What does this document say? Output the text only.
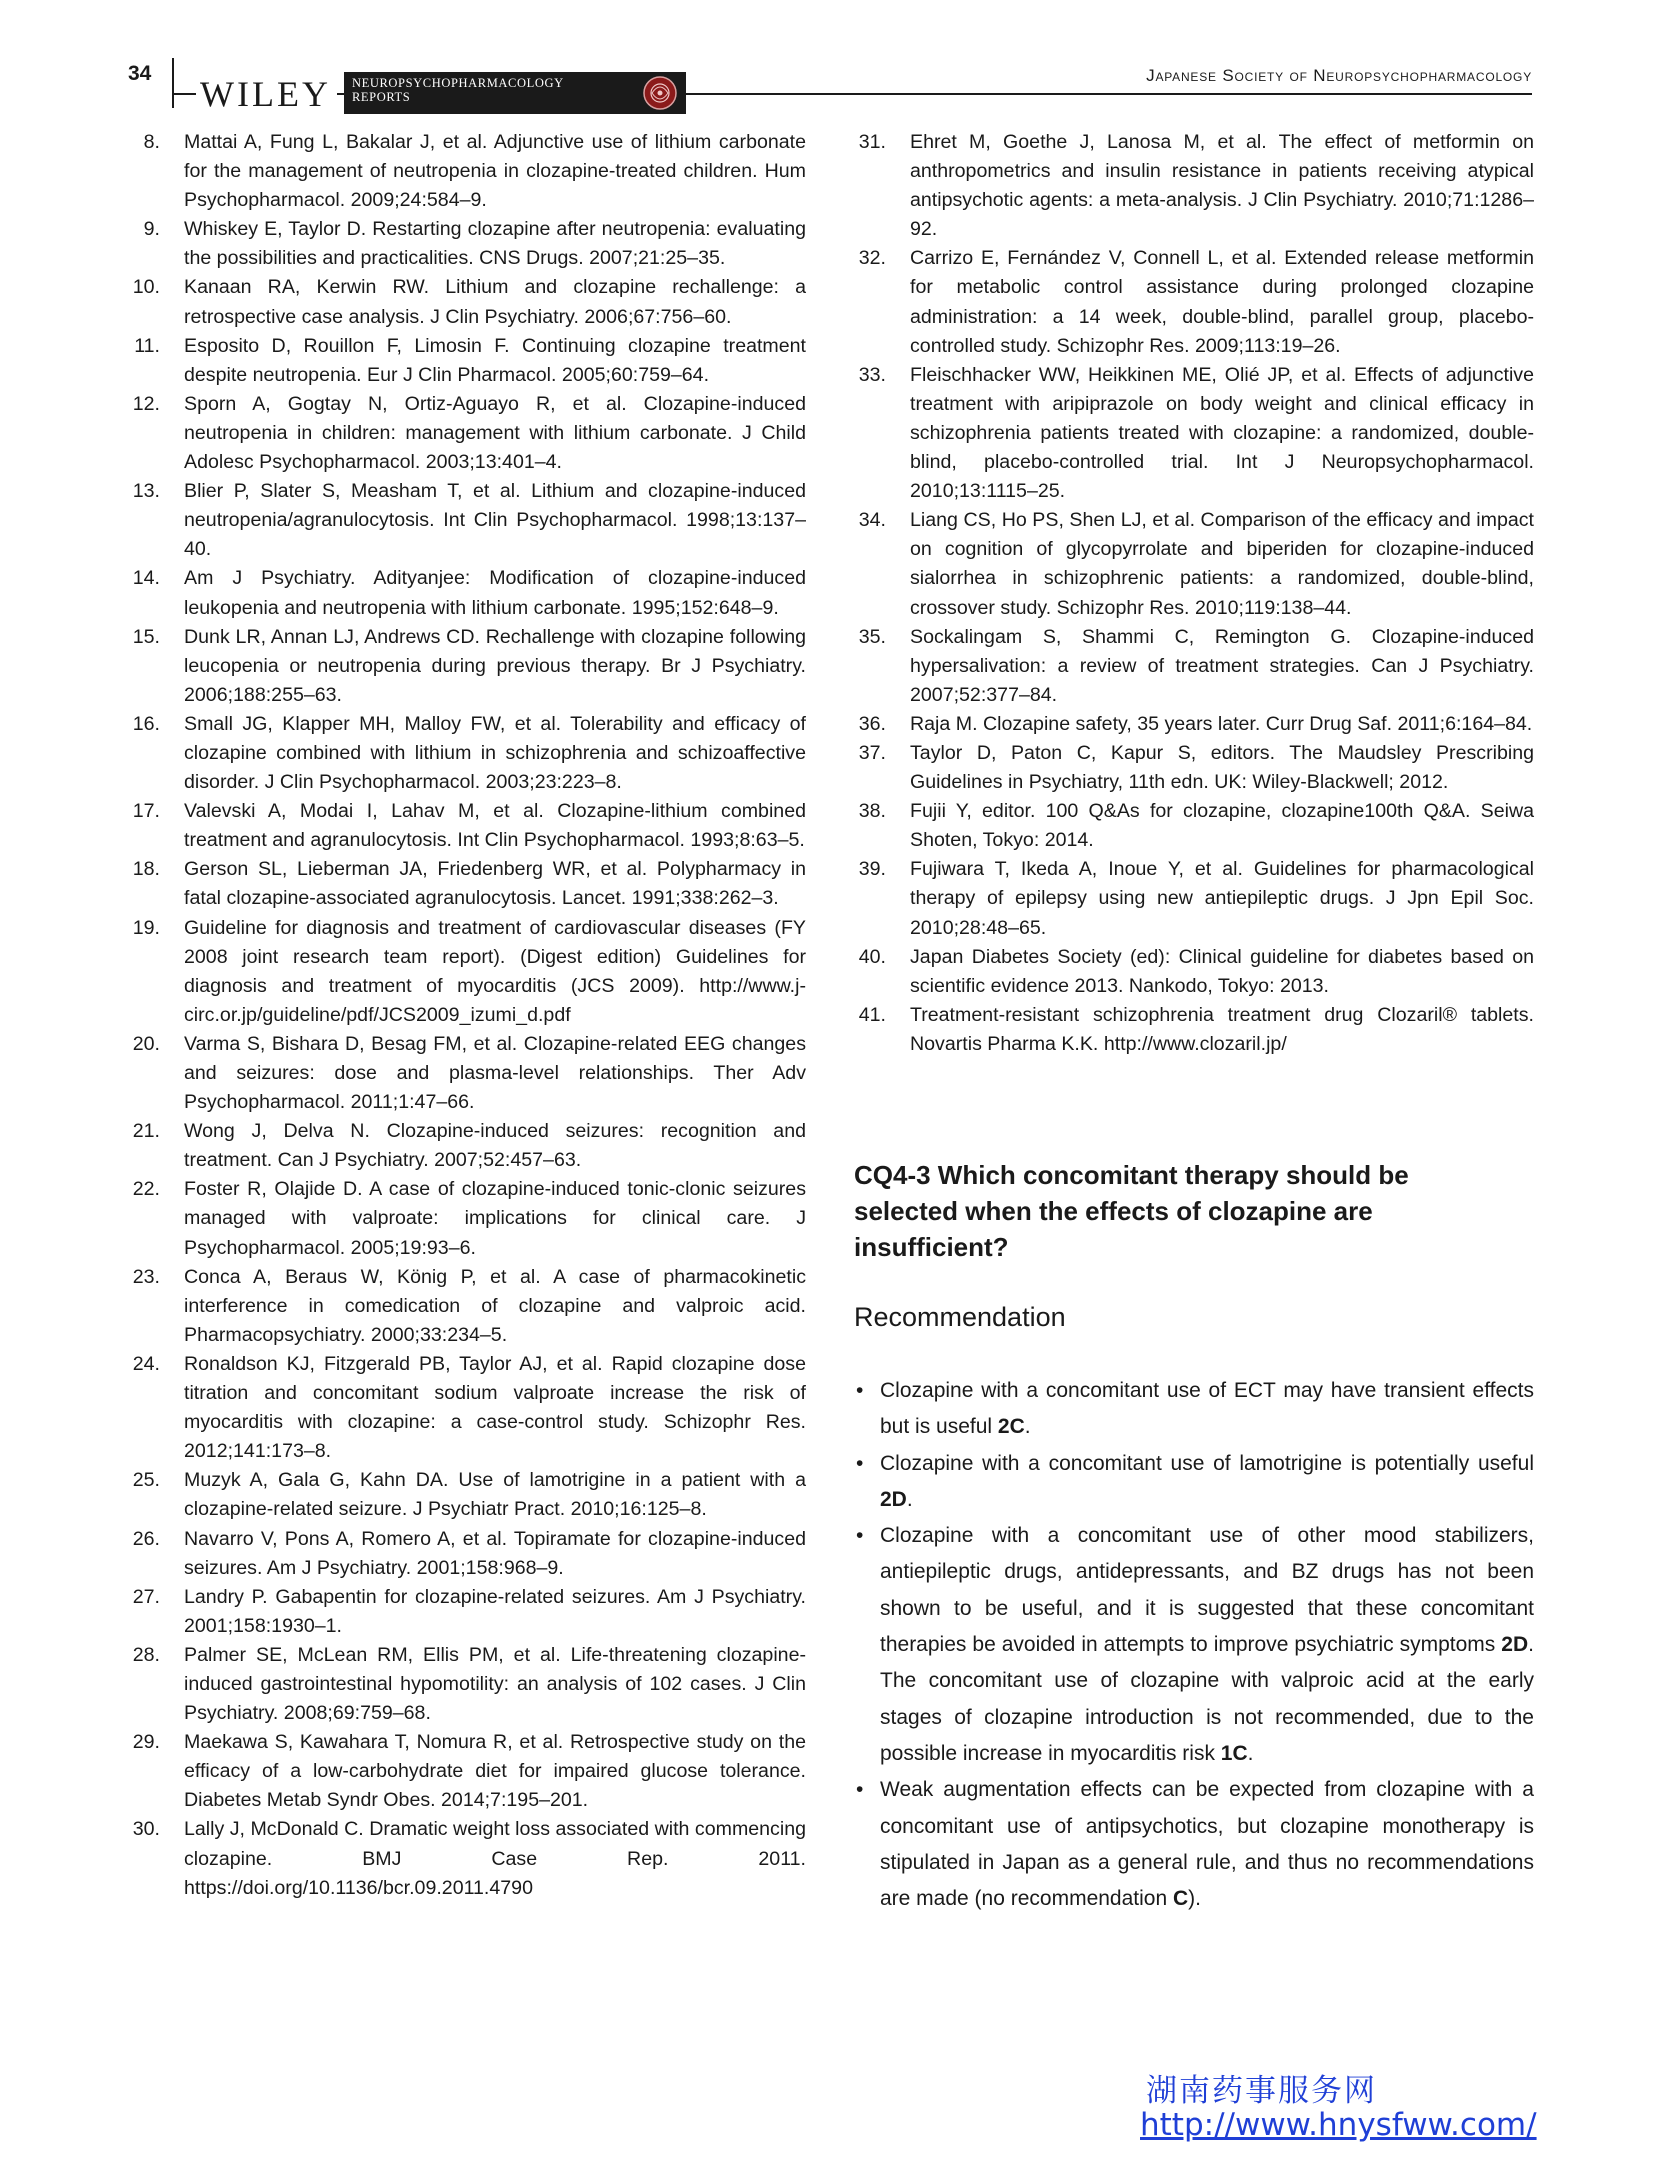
34
WILEY	NEUROPSYCHOPHARMACOLOGY
REPORTS
Japanese Society of Neuropsychopharmacology
8. Mattai A, Fung L, Bakalar J, et al. Adjunctive use of lithium carbonate for the management of neutropenia in clozapine-treated children. Hum Psychopharmacol. 2009;24:584–9.
9. Whiskey E, Taylor D. Restarting clozapine after neutropenia: evaluating the possibilities and practicalities. CNS Drugs. 2007;21:25–35.
10. Kanaan RA, Kerwin RW. Lithium and clozapine rechallenge: a retrospective case analysis. J Clin Psychiatry. 2006;67:756–60.
11. Esposito D, Rouillon F, Limosin F. Continuing clozapine treatment despite neutropenia. Eur J Clin Pharmacol. 2005;60:759–64.
12. Sporn A, Gogtay N, Ortiz-Aguayo R, et al. Clozapine-induced neutropenia in children: management with lithium carbonate. J Child Adolesc Psychopharmacol. 2003;13:401–4.
13. Blier P, Slater S, Measham T, et al. Lithium and clozapine-induced neutropenia/agranulocytosis. Int Clin Psychopharmacol. 1998;13:137–40.
14. Am J Psychiatry. Adityanjee: Modification of clozapine-induced leukopenia and neutropenia with lithium carbonate. 1995;152:648–9.
15. Dunk LR, Annan LJ, Andrews CD. Rechallenge with clozapine following leucopenia or neutropenia during previous therapy. Br J Psychiatry. 2006;188:255–63.
16. Small JG, Klapper MH, Malloy FW, et al. Tolerability and efficacy of clozapine combined with lithium in schizophrenia and schizoaffective disorder. J Clin Psychopharmacol. 2003;23:223–8.
17. Valevski A, Modai I, Lahav M, et al. Clozapine-lithium combined treatment and agranulocytosis. Int Clin Psychopharmacol. 1993;8:63–5.
18. Gerson SL, Lieberman JA, Friedenberg WR, et al. Polypharmacy in fatal clozapine-associated agranulocytosis. Lancet. 1991;338:262–3.
19. Guideline for diagnosis and treatment of cardiovascular diseases (FY 2008 joint research team report). (Digest edition) Guidelines for diagnosis and treatment of myocarditis (JCS 2009). http://www.j-circ.or.jp/guideline/pdf/JCS2009_izumi_d.pdf
20. Varma S, Bishara D, Besag FM, et al. Clozapine-related EEG changes and seizures: dose and plasma-level relationships. Ther Adv Psychopharmacol. 2011;1:47–66.
21. Wong J, Delva N. Clozapine-induced seizures: recognition and treatment. Can J Psychiatry. 2007;52:457–63.
22. Foster R, Olajide D. A case of clozapine-induced tonic-clonic seizures managed with valproate: implications for clinical care. J Psychopharmacol. 2005;19:93–6.
23. Conca A, Beraus W, König P, et al. A case of pharmacokinetic interference in comedication of clozapine and valproic acid. Pharmacopsychiatry. 2000;33:234–5.
24. Ronaldson KJ, Fitzgerald PB, Taylor AJ, et al. Rapid clozapine dose titration and concomitant sodium valproate increase the risk of myocarditis with clozapine: a case-control study. Schizophr Res. 2012;141:173–8.
25. Muzyk A, Gala G, Kahn DA. Use of lamotrigine in a patient with a clozapine-related seizure. J Psychiatr Pract. 2010;16:125–8.
26. Navarro V, Pons A, Romero A, et al. Topiramate for clozapine-induced seizures. Am J Psychiatry. 2001;158:968–9.
27. Landry P. Gabapentin for clozapine-related seizures. Am J Psychiatry. 2001;158:1930–1.
28. Palmer SE, McLean RM, Ellis PM, et al. Life-threatening clozapine-induced gastrointestinal hypomotility: an analysis of 102 cases. J Clin Psychiatry. 2008;69:759–68.
29. Maekawa S, Kawahara T, Nomura R, et al. Retrospective study on the efficacy of a low-carbohydrate diet for impaired glucose tolerance. Diabetes Metab Syndr Obes. 2014;7:195–201.
30. Lally J, McDonald C. Dramatic weight loss associated with commencing clozapine. BMJ Case Rep. 2011. https://doi.org/10.1136/bcr.09.2011.4790
31. Ehret M, Goethe J, Lanosa M, et al. The effect of metformin on anthropometrics and insulin resistance in patients receiving atypical antipsychotic agents: a meta-analysis. J Clin Psychiatry. 2010;71:1286–92.
32. Carrizo E, Fernández V, Connell L, et al. Extended release metformin for metabolic control assistance during prolonged clozapine administration: a 14 week, double-blind, parallel group, placebo-controlled study. Schizophr Res. 2009;113:19–26.
33. Fleischhacker WW, Heikkinen ME, Olié JP, et al. Effects of adjunctive treatment with aripiprazole on body weight and clinical efficacy in schizophrenia patients treated with clozapine: a randomized, double-blind, placebo-controlled trial. Int J Neuropsychopharmacol. 2010;13:1115–25.
34. Liang CS, Ho PS, Shen LJ, et al. Comparison of the efficacy and impact on cognition of glycopyrrolate and biperiden for clozapine-induced sialorrhea in schizophrenic patients: a randomized, double-blind, crossover study. Schizophr Res. 2010;119:138–44.
35. Sockalingam S, Shammi C, Remington G. Clozapine-induced hypersalivation: a review of treatment strategies. Can J Psychiatry. 2007;52:377–84.
36. Raja M. Clozapine safety, 35 years later. Curr Drug Saf. 2011;6:164–84.
37. Taylor D, Paton C, Kapur S, editors. The Maudsley Prescribing Guidelines in Psychiatry, 11th edn. UK: Wiley-Blackwell; 2012.
38. Fujii Y, editor. 100 Q&As for clozapine, clozapine100th Q&A. Seiwa Shoten, Tokyo: 2014.
39. Fujiwara T, Ikeda A, Inoue Y, et al. Guidelines for pharmacological therapy of epilepsy using new antiepileptic drugs. J Jpn Epil Soc. 2010;28:48–65.
40. Japan Diabetes Society (ed): Clinical guideline for diabetes based on scientific evidence 2013. Nankodo, Tokyo: 2013.
41. Treatment-resistant schizophrenia treatment drug Clozaril® tablets. Novartis Pharma K.K. http://www.clozaril.jp/
CQ4-3 Which concomitant therapy should be selected when the effects of clozapine are insufficient?
Recommendation
• Clozapine with a concomitant use of ECT may have transient effects but is useful 2C.
• Clozapine with a concomitant use of lamotrigine is potentially useful 2D.
• Clozapine with a concomitant use of other mood stabilizers, antiepileptic drugs, antidepressants, and BZ drugs has not been shown to be useful, and it is suggested that these concomitant therapies be avoided in attempts to improve psychiatric symptoms 2D. The concomitant use of clozapine with valproic acid at the early stages of clozapine introduction is not recommended, due to the possible increase in myocarditis risk 1C.
• Weak augmentation effects can be expected from clozapine with a concomitant use of antipsychotics, but clozapine monotherapy is stipulated in Japan as a general rule, and thus no recommendations are made (no recommendation C).
湖南药事服务网
http://www.hnysfww.com/
